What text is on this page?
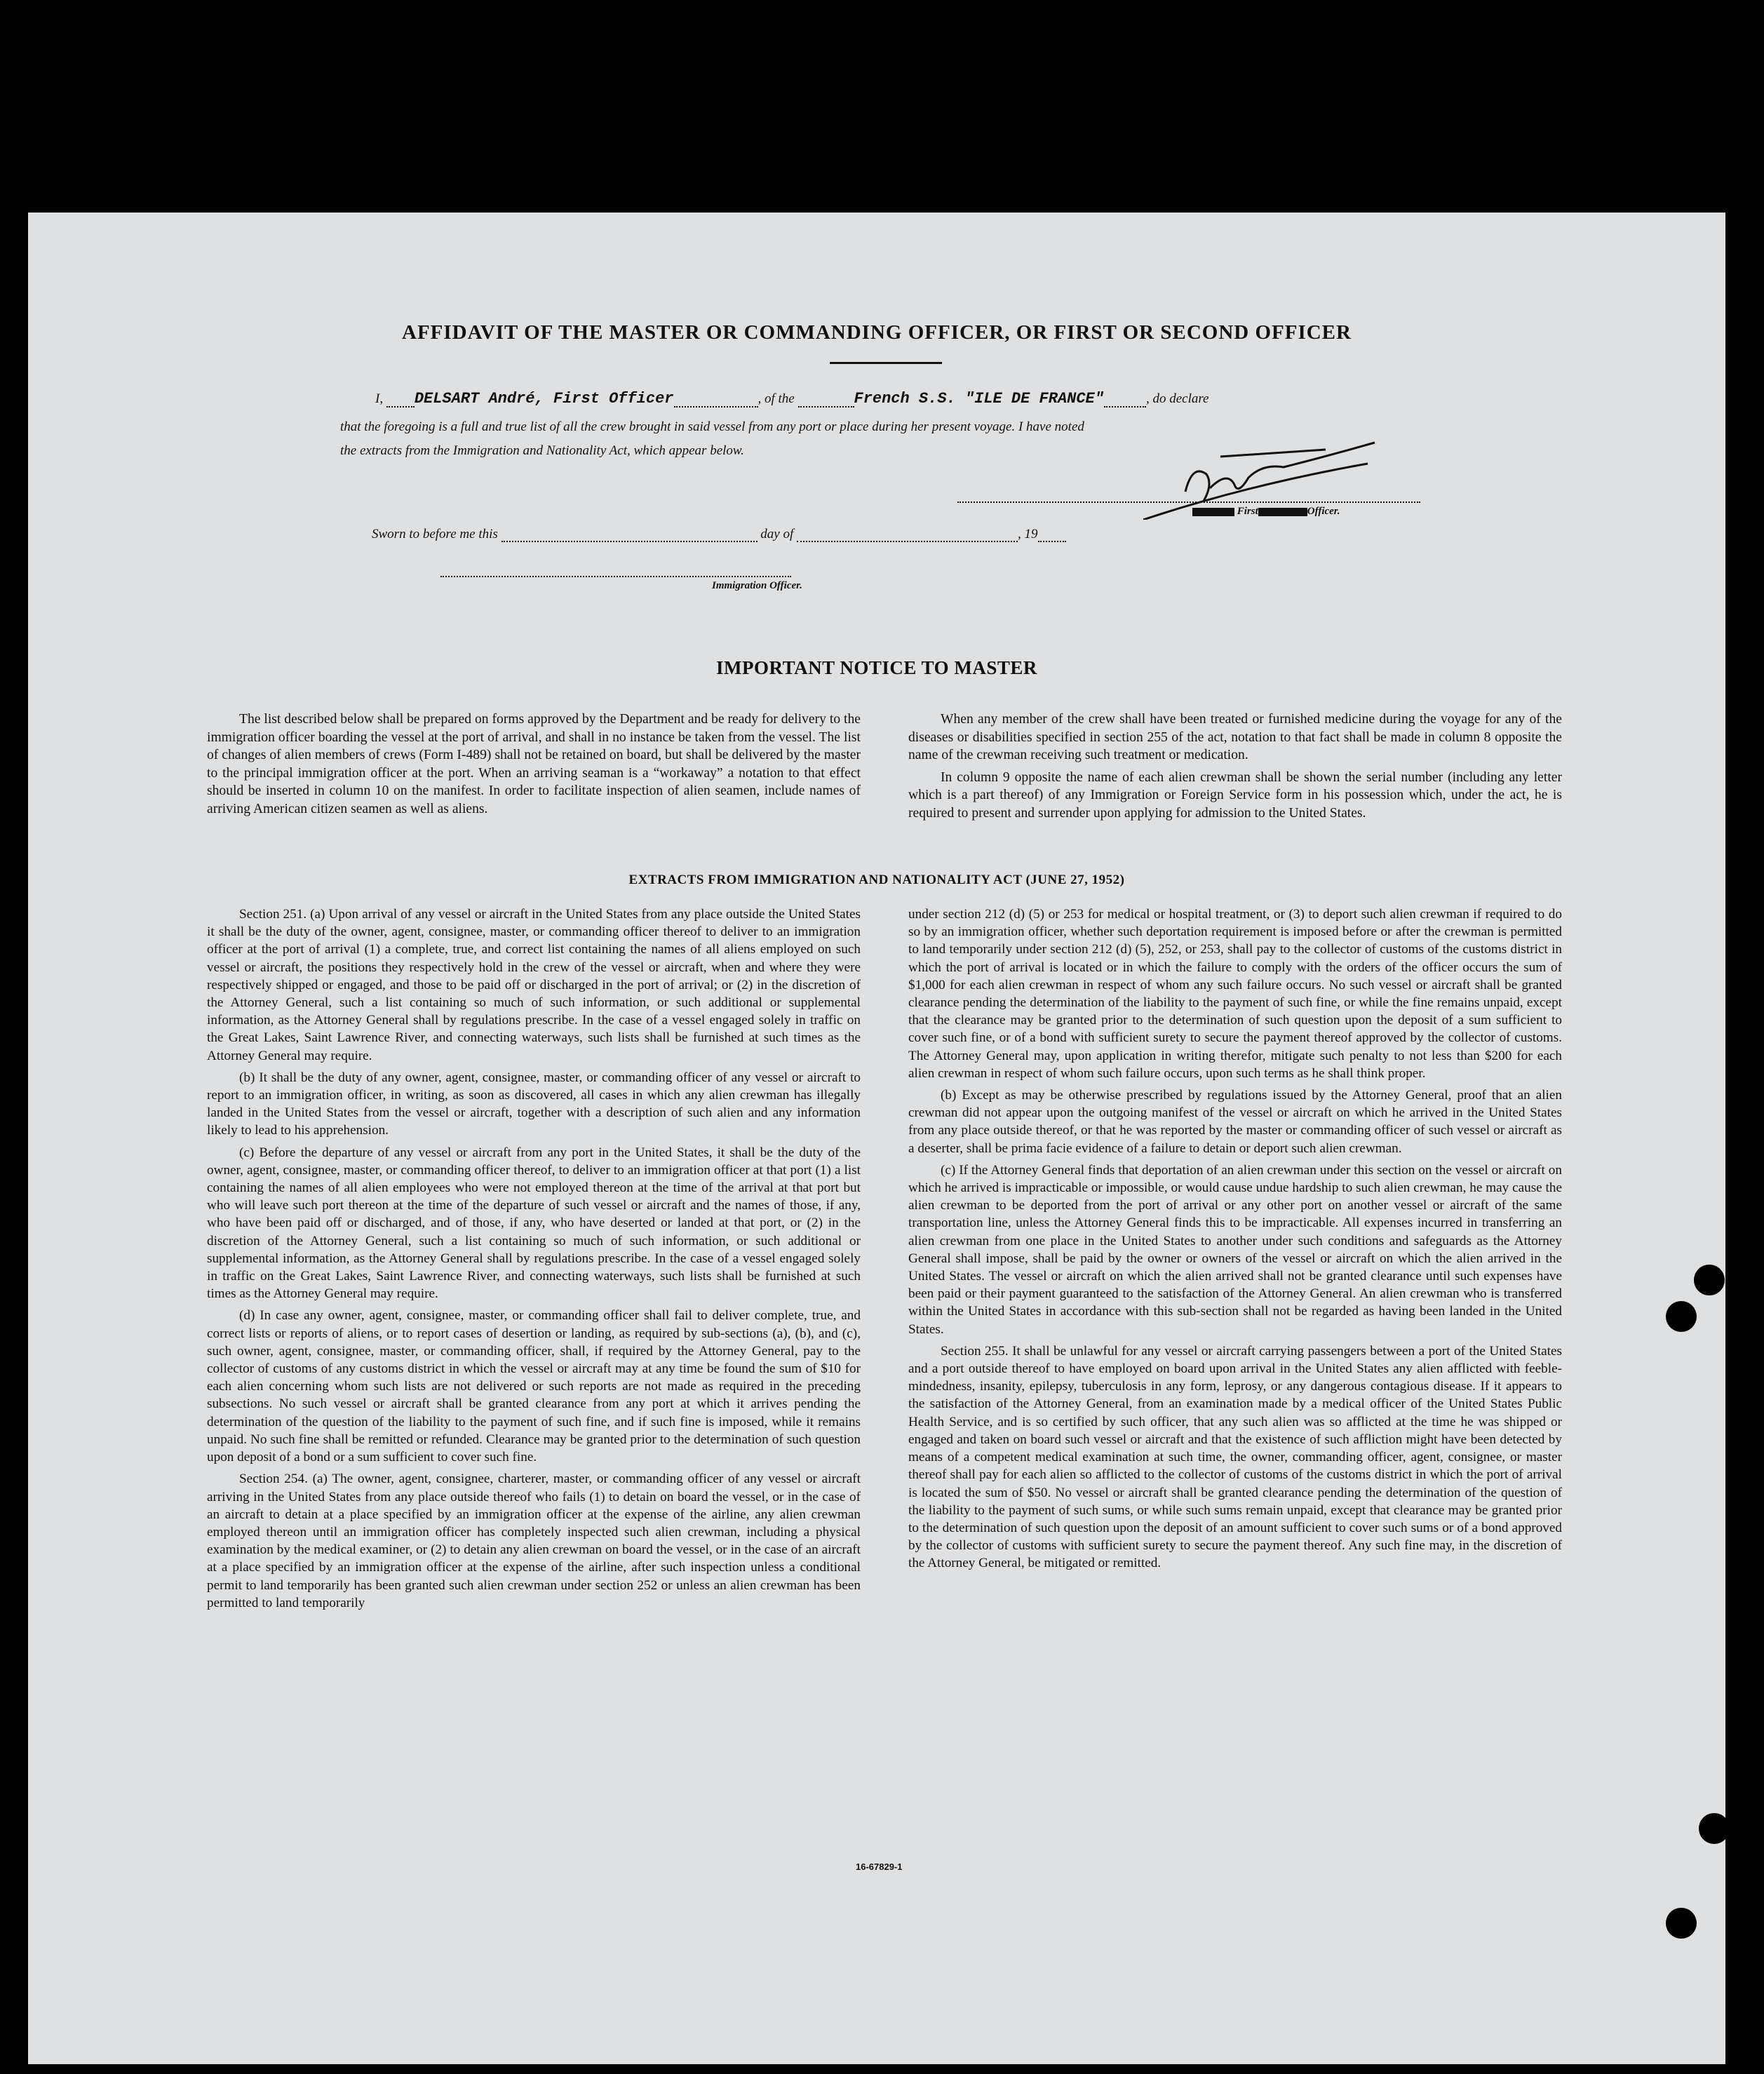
AFFIDAVIT OF THE MASTER OR COMMANDING OFFICER, OR FIRST OR SECOND OFFICER
I, DELSART André, First Officer	, of the	French S.S. "ILE DE FRANCE"	, do declare
that the foregoing is a full and true list of all the crew brought in said vessel from any port or place during her present voyage. I have noted
the extracts from the Immigration and Nationality Act, which appear below.
First	Officer.
Sworn to before me this	day of	, 19
Immigration Officer.
IMPORTANT NOTICE TO MASTER

The list described below shall be prepared on forms approved by the Department and be ready for delivery to the immigration officer boarding the vessel at the port of arrival, and shall in no instance be taken from the vessel. The list of changes of alien members of crews (Form I-489) shall not be retained on board, but shall be delivered by the master to the principal immigration officer at the port. When an arriving seaman is a “workaway” a notation to that effect should be inserted in column 10 on the manifest. In order to facilitate inspection of alien seamen, include names of arriving American citizen seamen as well as aliens.

When any member of the crew shall have been treated or furnished medicine during the voyage for any of the diseases or disabilities specified in section 255 of the act, notation to that fact shall be made in column 8 opposite the name of the crewman receiving such treatment or medication.

In column 9 opposite the name of each alien crewman shall be shown the serial number (including any letter which is a part thereof) of any Immigration or Foreign Service form in his possession which, under the act, he is required to present and surrender upon applying for admission to the United States.

EXTRACTS FROM IMMIGRATION AND NATIONALITY ACT (JUNE 27, 1952)

Section 251. (a) Upon arrival of any vessel or aircraft in the United States from any place outside the United States it shall be the duty of the owner, agent, consignee, master, or commanding officer thereof to deliver to an immigration officer at the port of arrival (1) a complete, true, and correct list containing the names of all aliens employed on such vessel or aircraft, the positions they respectively hold in the crew of the vessel or aircraft, when and where they were respectively shipped or engaged, and those to be paid off or discharged in the port of arrival; or (2) in the discretion of the Attorney General, such a list containing so much of such information, or such additional or supplemental information, as the Attorney General shall by regulations prescribe. In the case of a vessel engaged solely in traffic on the Great Lakes, Saint Lawrence River, and connecting waterways, such lists shall be furnished at such times as the Attorney General may require.

(b) It shall be the duty of any owner, agent, consignee, master, or commanding officer of any vessel or aircraft to report to an immigration officer, in writing, as soon as discovered, all cases in which any alien crewman has illegally landed in the United States from the vessel or aircraft, together with a description of such alien and any information likely to lead to his apprehension.

(c) Before the departure of any vessel or aircraft from any port in the United States, it shall be the duty of the owner, agent, consignee, master, or commanding officer thereof, to deliver to an immigration officer at that port (1) a list containing the names of all alien employees who were not employed thereon at the time of the arrival at that port but who will leave such port thereon at the time of the departure of such vessel or aircraft and the names of those, if any, who have been paid off or discharged, and of those, if any, who have deserted or landed at that port, or (2) in the discretion of the Attorney General, such a list containing so much of such information, or such additional or supplemental information, as the Attorney General shall by regulations prescribe. In the case of a vessel engaged solely in traffic on the Great Lakes, Saint Lawrence River, and connecting waterways, such lists shall be furnished at such times as the Attorney General may require.

(d) In case any owner, agent, consignee, master, or commanding officer shall fail to deliver complete, true, and correct lists or reports of aliens, or to report cases of desertion or landing, as required by sub-sections (a), (b), and (c), such owner, agent, consignee, master, or commanding officer, shall, if required by the Attorney General, pay to the collector of customs of any customs district in which the vessel or aircraft may at any time be found the sum of $10 for each alien concerning whom such lists are not delivered or such reports are not made as required in the preceding subsections. No such vessel or aircraft shall be granted clearance from any port at which it arrives pending the determination of the question of the liability to the payment of such fine, and if such fine is imposed, while it remains unpaid. No such fine shall be remitted or refunded. Clearance may be granted prior to the determination of such question upon deposit of a bond or a sum sufficient to cover such fine.

Section 254. (a) The owner, agent, consignee, charterer, master, or commanding officer of any vessel or aircraft arriving in the United States from any place outside thereof who fails (1) to detain on board the vessel, or in the case of an aircraft to detain at a place specified by an immigration officer at the expense of the airline, any alien crewman employed thereon until an immigration officer has completely inspected such alien crewman, including a physical examination by the medical examiner, or (2) to detain any alien crewman on board the vessel, or in the case of an aircraft at a place specified by an immigration officer at the expense of the airline, after such inspection unless a conditional permit to land temporarily has been granted such alien crewman under section 252 or unless an alien crewman has been permitted to land temporarily

under section 212 (d) (5) or 253 for medical or hospital treatment, or (3) to deport such alien crewman if required to do so by an immigration officer, whether such deportation requirement is imposed before or after the crewman is permitted to land temporarily under section 212 (d) (5), 252, or 253, shall pay to the collector of customs of the customs district in which the port of arrival is located or in which the failure to comply with the orders of the officer occurs the sum of $1,000 for each alien crewman in respect of whom any such failure occurs. No such vessel or aircraft shall be granted clearance pending the determination of the liability to the payment of such fine, or while the fine remains unpaid, except that the clearance may be granted prior to the determination of such question upon the deposit of a sum sufficient to cover such fine, or of a bond with sufficient surety to secure the payment thereof approved by the collector of customs. The Attorney General may, upon application in writing therefor, mitigate such penalty to not less than $200 for each alien crewman in respect of whom such failure occurs, upon such terms as he shall think proper.

(b) Except as may be otherwise prescribed by regulations issued by the Attorney General, proof that an alien crewman did not appear upon the outgoing manifest of the vessel or aircraft on which he arrived in the United States from any place outside thereof, or that he was reported by the master or commanding officer of such vessel or aircraft as a deserter, shall be prima facie evidence of a failure to detain or deport such alien crewman.

(c) If the Attorney General finds that deportation of an alien crewman under this section on the vessel or aircraft on which he arrived is impracticable or impossible, or would cause undue hardship to such alien crewman, he may cause the alien crewman to be deported from the port of arrival or any other port on another vessel or aircraft of the same transportation line, unless the Attorney General finds this to be impracticable. All expenses incurred in transferring an alien crewman from one place in the United States to another under such conditions and safeguards as the Attorney General shall impose, shall be paid by the owner or owners of the vessel or aircraft on which the alien arrived in the United States. The vessel or aircraft on which the alien arrived shall not be granted clearance until such expenses have been paid or their payment guaranteed to the satisfaction of the Attorney General. An alien crewman who is transferred within the United States in accordance with this sub-section shall not be regarded as having been landed in the United States.

Section 255. It shall be unlawful for any vessel or aircraft carrying passengers between a port of the United States and a port outside thereof to have employed on board upon arrival in the United States any alien afflicted with feeble-mindedness, insanity, epilepsy, tuberculosis in any form, leprosy, or any dangerous contagious disease. If it appears to the satisfaction of the Attorney General, from an examination made by a medical officer of the United States Public Health Service, and is so certified by such officer, that any such alien was so afflicted at the time he was shipped or engaged and taken on board such vessel or aircraft and that the existence of such affliction might have been detected by means of a competent medical examination at such time, the owner, commanding officer, agent, consignee, or master thereof shall pay for each alien so afflicted to the collector of customs of the customs district in which the port of arrival is located the sum of $50. No vessel or aircraft shall be granted clearance pending the determination of the question of the liability to the payment of such sums, or while such sums remain unpaid, except that clearance may be granted prior to the determination of such question upon the deposit of an amount sufficient to cover such sums or of a bond approved by the collector of customs with sufficient surety to secure the payment thereof. Any such fine may, in the discretion of the Attorney General, be mitigated or remitted.

16-67829-1
